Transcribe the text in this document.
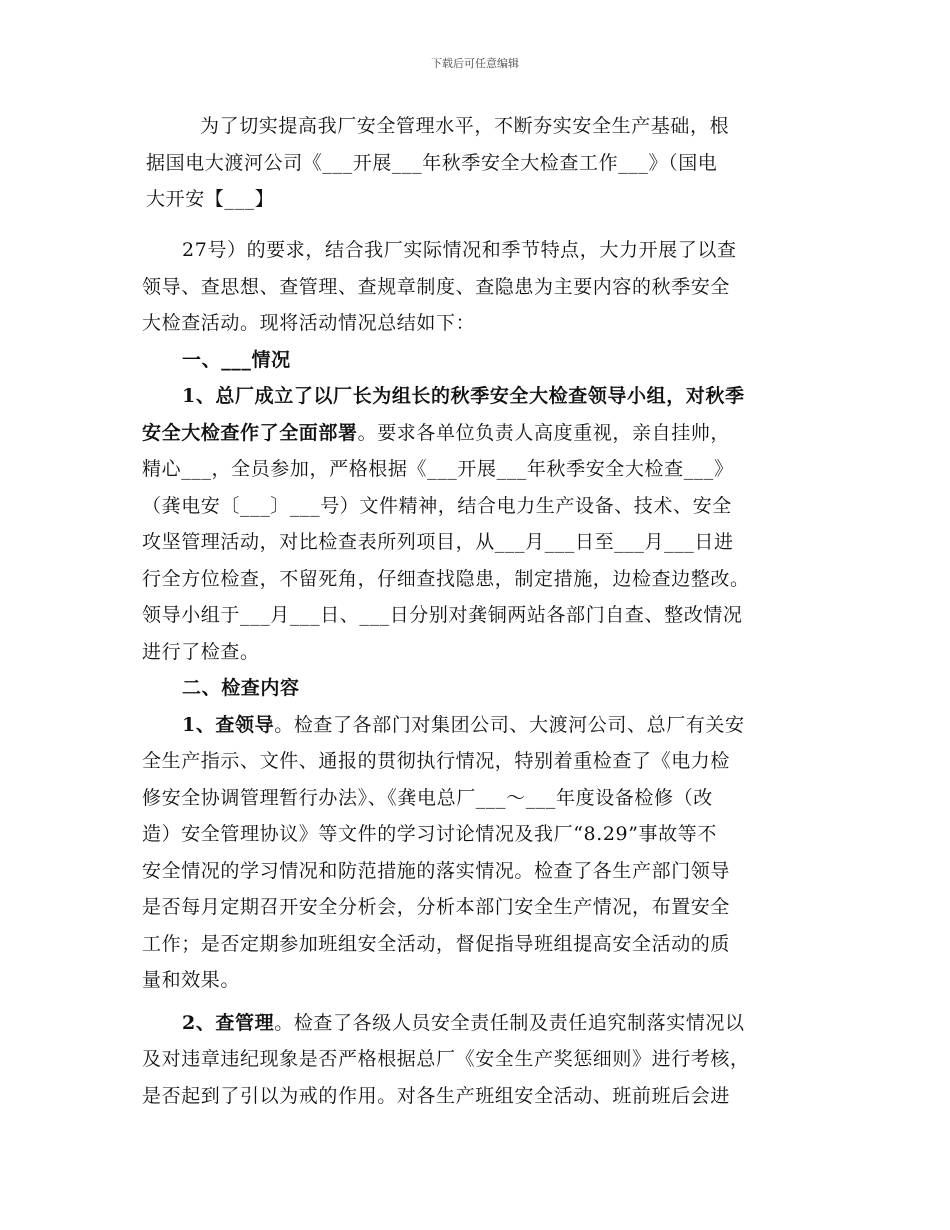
下载后可任意编辑
为了切实提高我厂安全管理水平，不断夯实安全生产基础，根
据国电大渡河公司《___开展___年秋季安全大检查工作___》（国电
大开安【___】
27号）的要求，结合我厂实际情况和季节特点，大力开展了以查
领导、查思想、查管理、查规章制度、查隐患为主要内容的秋季安全
大检查活动。现将活动情况总结如下：
一、___情况
1、总厂成立了以厂长为组长的秋季安全大检查领导小组，对秋季
安全大检查作了全面部署。要求各单位负责人高度重视，亲自挂帅，
精心___，全员参加，严格根据《___开展___年秋季安全大检查___》
（龚电安〔___〕___号）文件精神，结合电力生产设备、技术、安全
攻坚管理活动，对比检查表所列项目，从___月___日至___月___日进
行全方位检查，不留死角，仔细查找隐患，制定措施，边检查边整改。
领导小组于___月___日、___日分别对龚铜两站各部门自查、整改情况
进行了检查。
二、检查内容
1、查领导。检查了各部门对集团公司、大渡河公司、总厂有关安
全生产指示、文件、通报的贯彻执行情况，特别着重检查了《电力检
修安全协调管理暂行办法》、《龚电总厂___～___年度设备检修（改
造）安全管理协议》等文件的学习讨论情况及我厂“8.29”事故等不
安全情况的学习情况和防范措施的落实情况。检查了各生产部门领导
是否每月定期召开安全分析会，分析本部门安全生产情况，布置安全
工作；是否定期参加班组安全活动，督促指导班组提高安全活动的质
量和效果。
2、查管理。检查了各级人员安全责任制及责任追究制落实情况以
及对违章违纪现象是否严格根据总厂《安全生产奖惩细则》进行考核，
是否起到了引以为戒的作用。对各生产班组安全活动、班前班后会进
